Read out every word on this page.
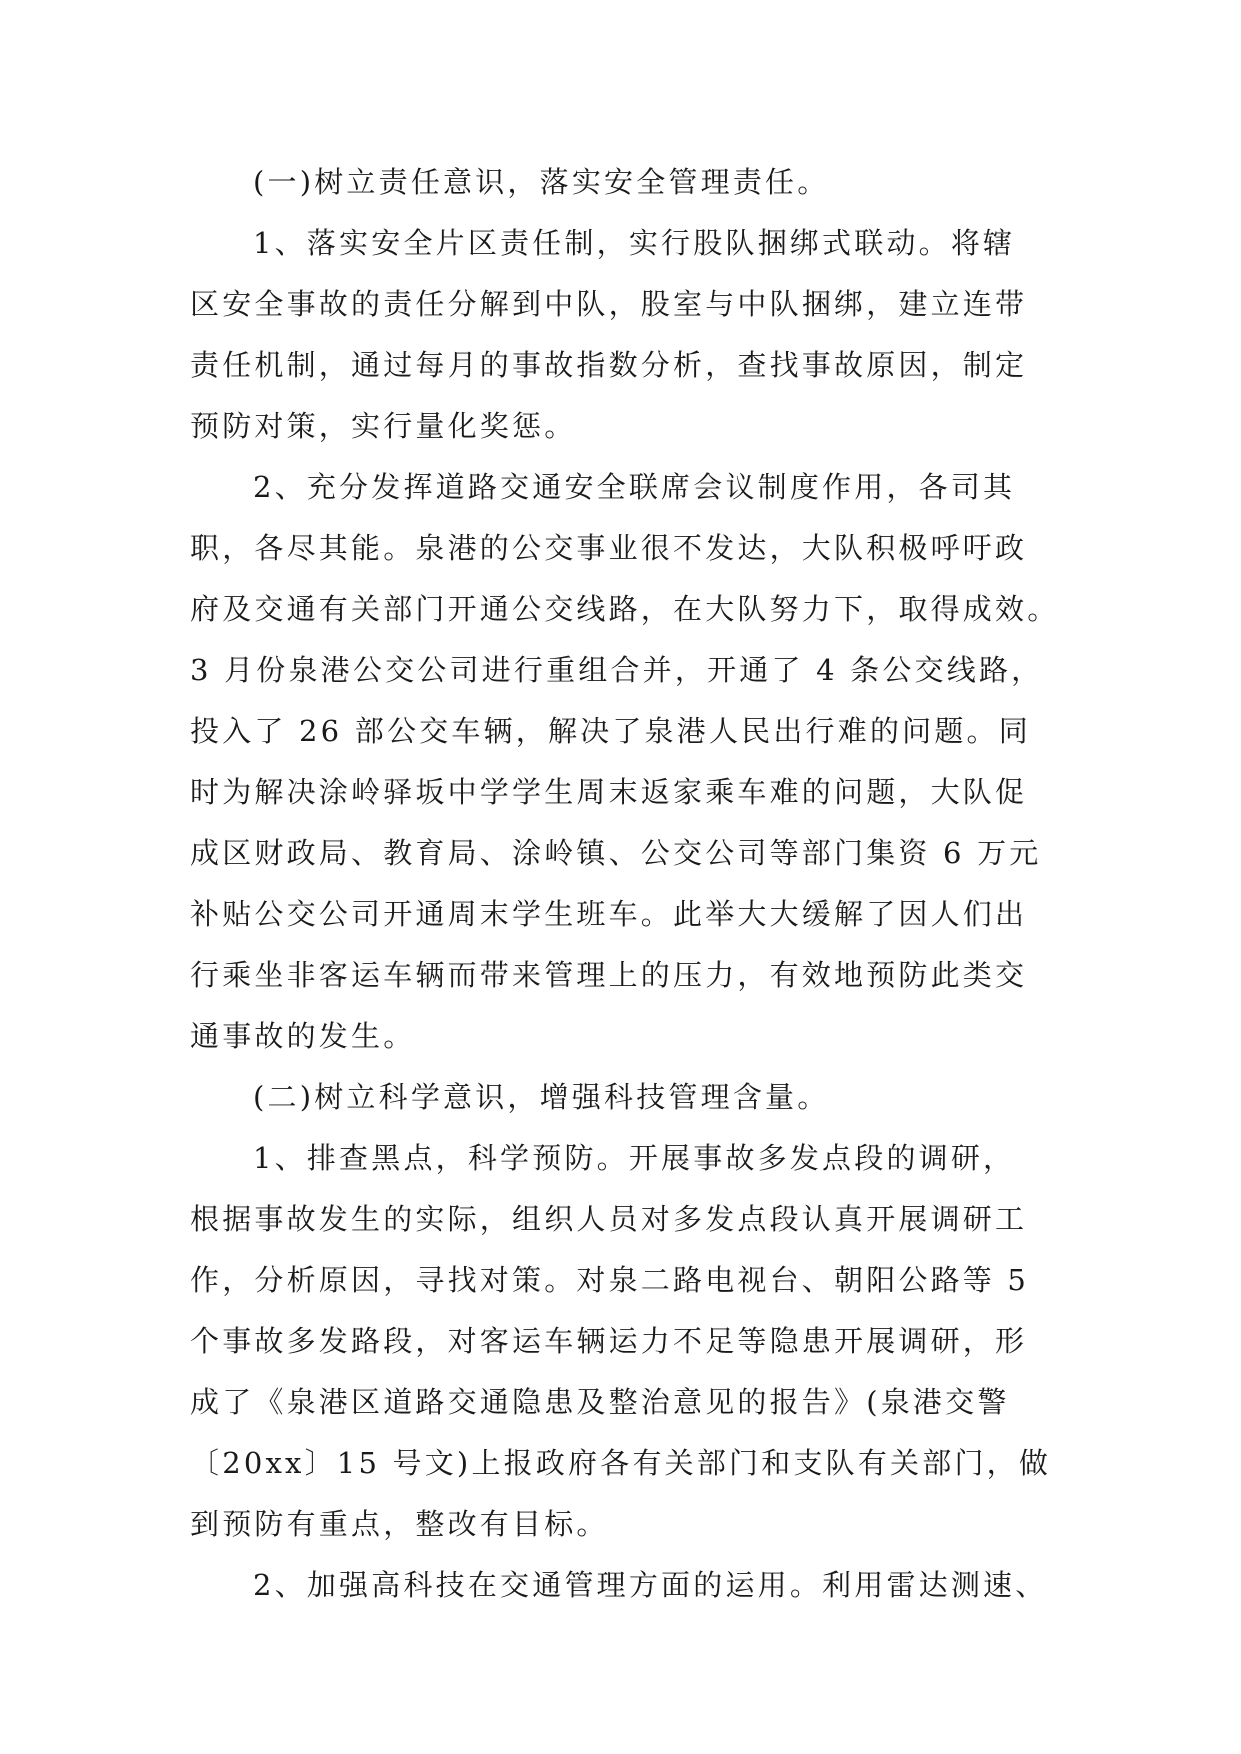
(一)树立责任意识，落实安全管理责任。
1、落实安全片区责任制，实行股队捆绑式联动。将辖
区安全事故的责任分解到中队，股室与中队捆绑，建立连带
责任机制，通过每月的事故指数分析，查找事故原因，制定
预防对策，实行量化奖惩。
2、充分发挥道路交通安全联席会议制度作用，各司其
职，各尽其能。泉港的公交事业很不发达，大队积极呼吁政
府及交通有关部门开通公交线路，在大队努力下，取得成效。
3 月份泉港公交公司进行重组合并，开通了 4 条公交线路，
投入了 26 部公交车辆，解决了泉港人民出行难的问题。同
时为解决涂岭驿坂中学学生周末返家乘车难的问题，大队促
成区财政局、教育局、涂岭镇、公交公司等部门集资 6 万元
补贴公交公司开通周末学生班车。此举大大缓解了因人们出
行乘坐非客运车辆而带来管理上的压力，有效地预防此类交
通事故的发生。
(二)树立科学意识，增强科技管理含量。
1、排查黑点，科学预防。开展事故多发点段的调研，
根据事故发生的实际，组织人员对多发点段认真开展调研工
作，分析原因，寻找对策。对泉二路电视台、朝阳公路等 5
个事故多发路段，对客运车辆运力不足等隐患开展调研，形
成了《泉港区道路交通隐患及整治意见的报告》(泉港交警
〔20xx〕15 号文)上报政府各有关部门和支队有关部门，做
到预防有重点，整改有目标。
2、加强高科技在交通管理方面的运用。利用雷达测速、
